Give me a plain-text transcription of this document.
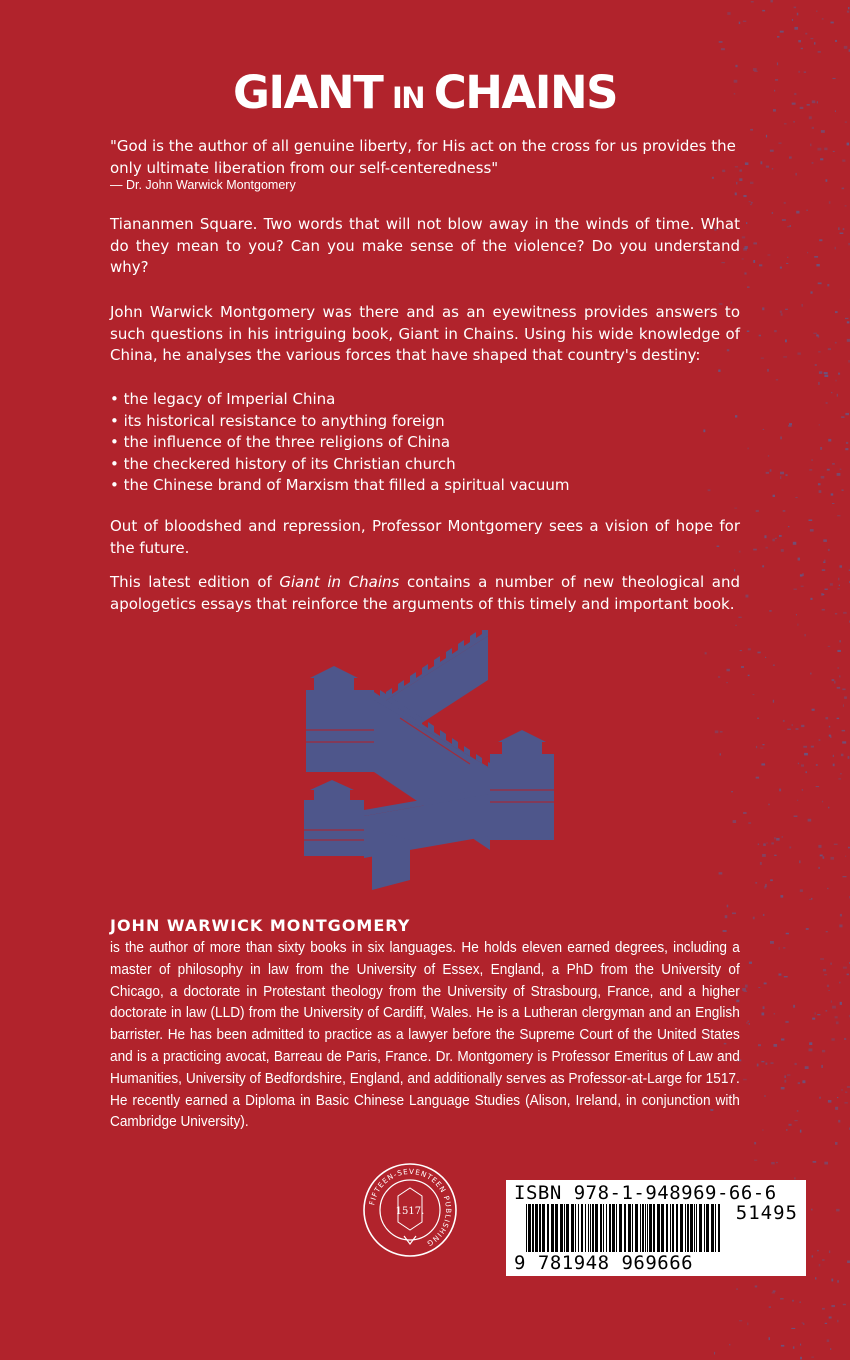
GIANT IN CHAINS

"God is the author of all genuine liberty, for His act on the cross for us provides the only ultimate liberation from our self-centeredness"

— Dr. John Warwick Montgomery

Tiananmen Square. Two words that will not blow away in the winds of time. What do they mean to you? Can you make sense of the violence? Do you understand why?

John Warwick Montgomery was there and as an eyewitness provides answers to such questions in his intriguing book, Giant in Chains. Using his wide knowledge of China, he analyses the various forces that have shaped that country's destiny:

• the legacy of Imperial China
• its historical resistance to anything foreign
• the influence of the three religions of China
• the checkered history of its Christian church
• the Chinese brand of Marxism that filled a spiritual vacuum

Out of bloodshed and repression, Professor Montgomery sees a vision of hope for the future.

This latest edition of Giant in Chains contains a number of new theological and apologetics essays that reinforce the arguments of this timely and important book.

JOHN WARWICK MONTGOMERY

is the author of more than sixty books in six languages. He holds eleven earned degrees, including a master of philosophy in law from the University of Essex, England, a PhD from the University of Chicago, a doctorate in Protestant theology from the University of Strasbourg, France, and a higher doctorate in law (LLD) from the University of Cardiff, Wales. He is a Lutheran clergyman and an English barrister. He has been admitted to practice as a lawyer before the Supreme Court of the United States and is a practicing avocat, Barreau de Paris, France. Dr. Montgomery is Professor Emeritus of Law and Humanities, University of Bedfordshire, England, and additionally serves as Professor-at-Large for 1517. He recently earned a Diploma in Basic Chinese Language Studies (Alison, Ireland, in conjunction with Cambridge University).

FIFTEEN-SEVENTEEN PUBLISHING
1517.
ISBN 978-1-948969-66-6
51495
9 781948 969666
